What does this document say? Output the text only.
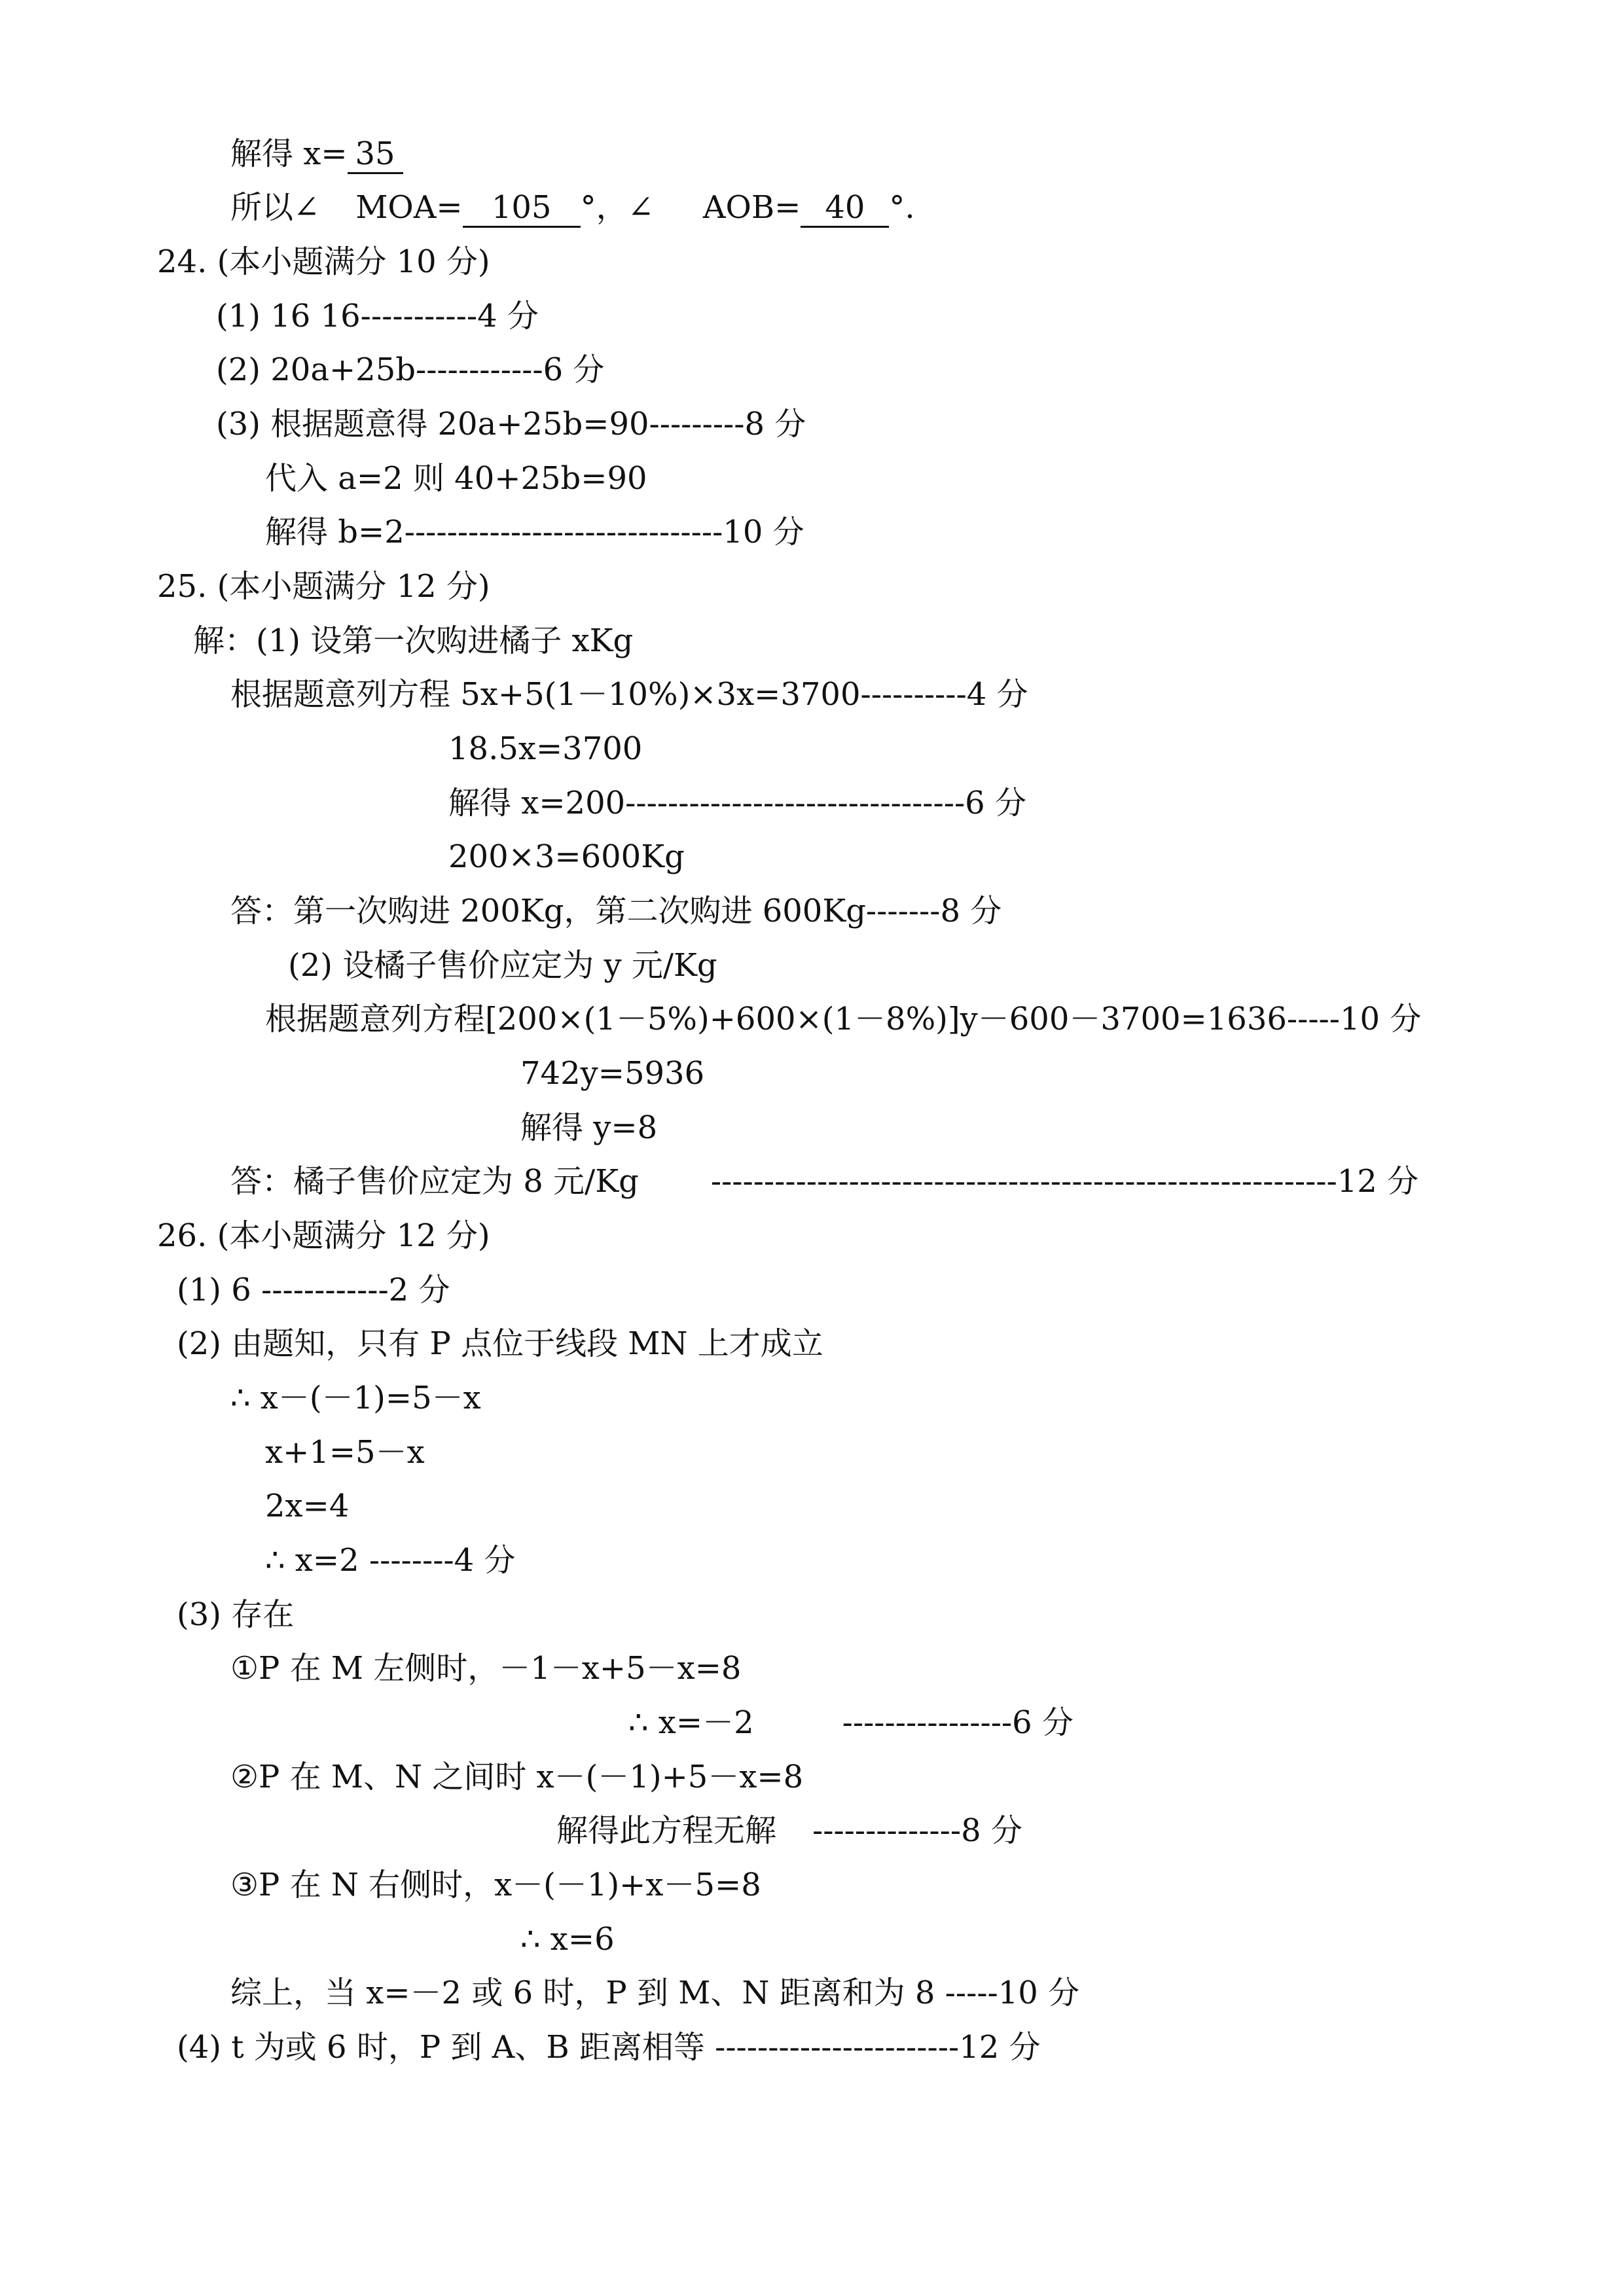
解得 x= 35
所以∠ MOA= 105 °，∠ AOB= 40 °.
24. (本小题满分 10 分)
(1) 16 16-----------4 分
(2) 20a+25b------------6 分
(3) 根据题意得 20a+25b=90---------8 分
代入 a=2 则 40+25b=90
解得 b=2------------------------------10 分
25. (本小题满分 12 分)
解：(1) 设第一次购进橘子 xKg
根据题意列方程 5x+5(1－10%)×3x=3700----------4 分
18.5x=3700
解得 x=200--------------------------------6 分
200×3=600Kg
答：第一次购进 200Kg，第二次购进 600Kg-------8 分
(2) 设橘子售价应定为 y 元/Kg
根据题意列方程[200×(1－5%)+600×(1－8%)]y－600－3700=1636-----10 分
742y=5936
解得 y=8
答：橘子售价应定为 8 元/Kg -----------------------------------------------------------12 分
26. (本小题满分 12 分)
(1) 6 ------------2 分
(2) 由题知，只有 P 点位于线段 MN 上才成立
∴ x－(－1)=5－x
x+1=5－x
2x=4
∴ x=2 --------4 分
(3) 存在
①P 在 M 左侧时，－1－x+5－x=8
∴ x=－2	----------------6 分
②P 在 M、N 之间时 x－(－1)+5－x=8
解得此方程无解 --------------8 分
③P 在 N 右侧时，x－(－1)+x－5=8
∴ x=6
综上，当 x=－2 或 6 时，P 到 M、N 距离和为 8 -----10 分
(4) t 为或 6 时，P 到 A、B 距离相等 -----------------------12 分
